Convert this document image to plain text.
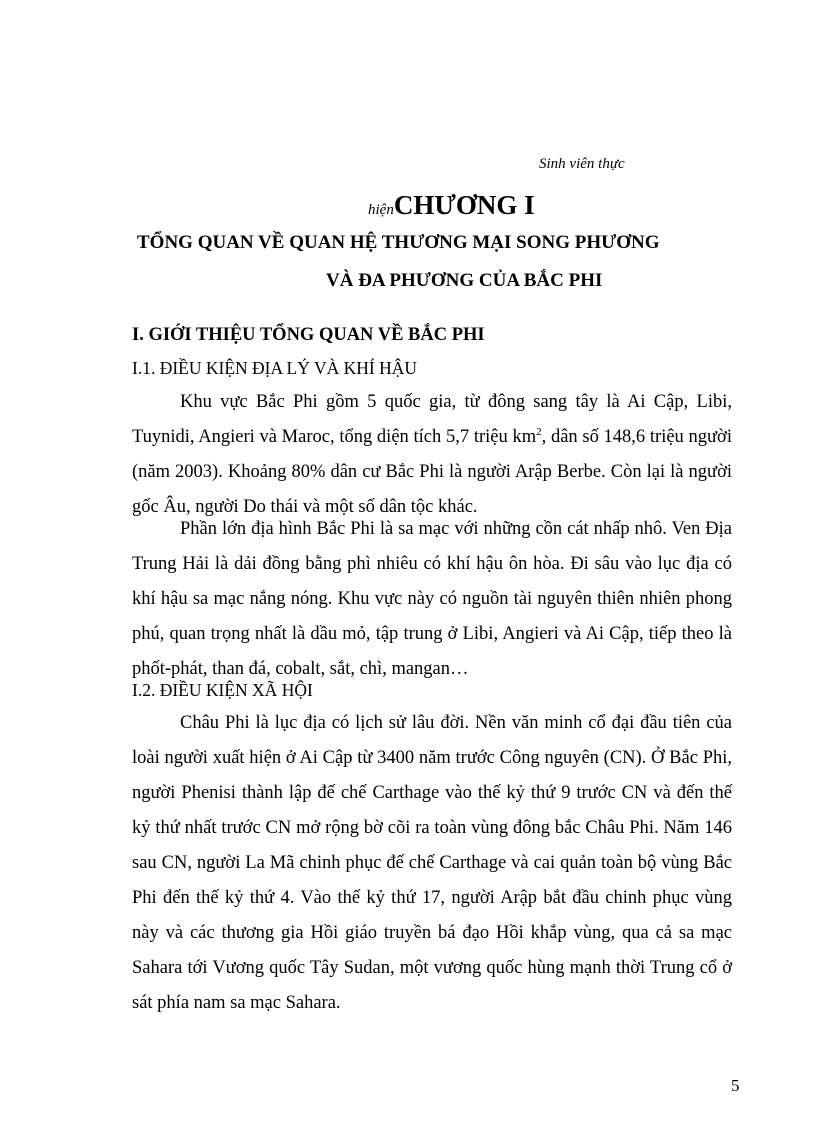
Sinh viên thực
hiệnCHƯƠNG I
TỔNG QUAN VỀ QUAN HỆ THƯƠNG MẠI SONG PHƯƠNG
VÀ ĐA PHƯƠNG CỦA BẮC PHI
I. GIỚI THIỆU TỔNG QUAN VỀ BẮC PHI
I.1. ĐIỀU KIỆN ĐỊA LÝ VÀ KHÍ HẬU

Khu vực Bắc Phi gồm 5 quốc gia, từ đông sang tây là Ai Cập, Libi, Tuynidi, Angieri và Maroc, tổng diện tích 5,7 triệu $km^2$, dân số 148,6 triệu người (năm 2003). Khoảng 80% dân cư Bắc Phi là người Arập Berbe. Còn lại là người gốc Âu, người Do thái và một số dân tộc khác.

Phần lớn địa hình Bắc Phi là sa mạc với những cồn cát nhấp nhô. Ven Địa Trung Hải là dải đồng bằng phì nhiêu có khí hậu ôn hòa. Đi sâu vào lục địa có khí hậu sa mạc nắng nóng. Khu vực này có nguồn tài nguyên thiên nhiên phong phú, quan trọng nhất là dầu mỏ, tập trung ở Libi, Angieri và Ai Cập, tiếp theo là phốt-phát, than đá, cobalt, sắt, chì, mangan…

I.2. ĐIỀU KIỆN XÃ HỘI

Châu Phi là lục địa có lịch sử lâu đời. Nền văn minh cổ đại đầu tiên của loài người xuất hiện ở Ai Cập từ 3400 năm trước Công nguyên (CN). Ở Bắc Phi, người Phenisi thành lập đế chế Carthage vào thế kỷ thứ 9 trước CN và đến thế kỷ thứ nhất trước CN mở rộng bờ cõi ra toàn vùng đông bắc Châu Phi. Năm 146 sau CN, người La Mã chinh phục đế chế Carthage và cai quản toàn bộ vùng Bắc Phi đến thế kỷ thứ 4. Vào thế kỷ thứ 17, người Arập bắt đầu chinh phục vùng này và các thương gia Hồi giáo truyền bá đạo Hồi khắp vùng, qua cả sa mạc Sahara tới Vương quốc Tây Sudan, một vương quốc hùng mạnh thời Trung cổ ở sát phía nam sa mạc Sahara.

5
